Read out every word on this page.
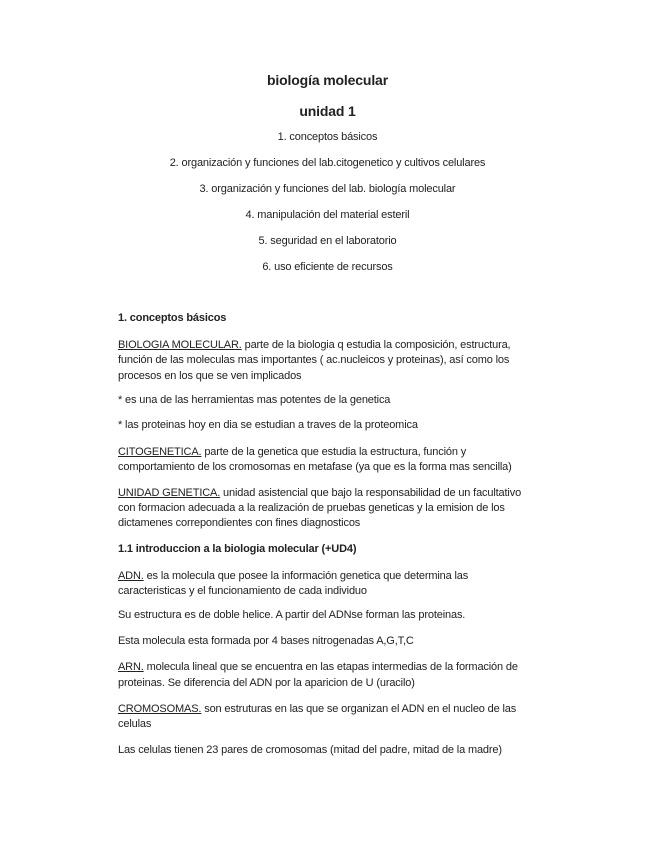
biología molecular
unidad 1
1. conceptos básicos
2. organización y funciones del lab.citogenetico y cultivos celulares
3. organización y funciones del lab. biología molecular
4. manipulación del material esteril
5. seguridad en el laboratorio
6. uso eficiente de recursos
1. conceptos básicos
BIOLOGIA MOLECULAR. parte de la biologia q estudia la composición, estructura,
función de las moleculas mas importantes ( ac.nucleicos y proteinas), así como los
procesos en los que se ven implicados
* es una de las herramientas mas potentes de la genetica
* las proteinas hoy en dia se estudian a traves de la proteomica
CITOGENETICA. parte de la genetica que estudia la estructura, función y
comportamiento de los cromosomas en metafase (ya que es la forma mas sencilla)
UNIDAD GENETICA. unidad asistencial que bajo la responsabilidad de un facultativo
con formacion adecuada a la realización de pruebas geneticas y la emision de los
dictamenes correpondientes con fines diagnosticos
1.1 introduccion a la biologia molecular (+UD4)
ADN. es la molecula que posee la información genetica que determina las
caracteristicas y el funcionamiento de cada individuo
Su estructura es de doble helice. A partir del ADNse forman las proteinas.
Esta molecula esta formada por 4 bases nitrogenadas A,G,T,C
ARN. molecula lineal que se encuentra en las etapas intermedias de la formación de
proteinas. Se diferencia del ADN por la aparicion de U (uracilo)
CROMOSOMAS. son estruturas en las que se organizan el ADN en el nucleo de las
celulas
Las celulas tienen 23 pares de cromosomas (mitad del padre, mitad de la madre)
